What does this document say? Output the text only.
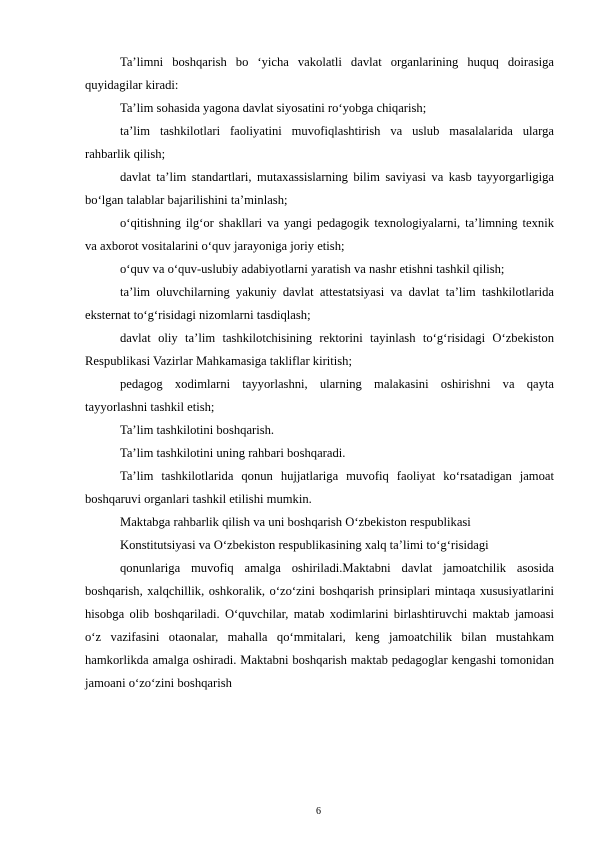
Ta’limni boshqarish bo ‘yicha vakolatli davlat organlarining huquq doirasiga quyidagilar kiradi:

Ta’lim sohasida yagona davlat siyosatini ro‘yobga chiqarish;

ta’lim tashkilotlari faoliyatini muvofiqlashtirish va uslub masalalarida ularga rahbarlik qilish;

davlat ta’lim standartlari, mutaxassislarning bilim saviyasi va kasb tayyorgarligiga bo‘lgan talablar bajarilishini ta’minlash;

o‘qitishning ilg‘or shakllari va yangi pedagogik texnologiyalarni, ta’limning texnik va axborot vositalarini o‘quv jarayoniga joriy etish;

o‘quv va o‘quv-uslubiy adabiyotlarni yaratish va nashr etishni tashkil qilish;

ta’lim oluvchilarning yakuniy davlat attestatsiyasi va davlat ta’lim tashkilotlarida eksternat to‘g‘risidagi nizomlarni tasdiqlash;

davlat oliy ta’lim tashkilotchisining rektorini tayinlash to‘g‘risidagi O‘zbekiston Respublikasi Vazirlar Mahkamasiga takliflar kiritish;

pedagog xodimlarni tayyorlashni, ularning malakasini oshirishni va qayta tayyorlashni tashkil etish;

Ta’lim tashkilotini boshqarish.

Ta’lim tashkilotini uning rahbari boshqaradi.

Ta’lim tashkilotlarida qonun hujjatlariga muvofiq faoliyat ko‘rsatadigan jamoat boshqaruvi organlari tashkil etilishi mumkin.

Maktabga rahbarlik qilish va uni boshqarish O‘zbekiston respublikasi

Konstitutsiyasi va O‘zbekiston respublikasining xalq ta’limi to‘g‘risidagi

qonunlariga muvofiq amalga oshiriladi.Maktabni davlat jamoatchilik asosida boshqarish, xalqchillik, oshkoralik, o‘zo‘zini boshqarish prinsiplari mintaqa xususiyatlarini hisobga olib boshqariladi. O‘quvchilar, matab xodimlarini birlashtiruvchi maktab jamoasi o‘z vazifasini otaonalar, mahalla qo‘mmitalari, keng jamoatchilik bilan mustahkam hamkorlikda amalga oshiradi. Maktabni boshqarish maktab pedagoglar kengashi tomonidan jamoani o‘zo‘zini boshqarish

6
